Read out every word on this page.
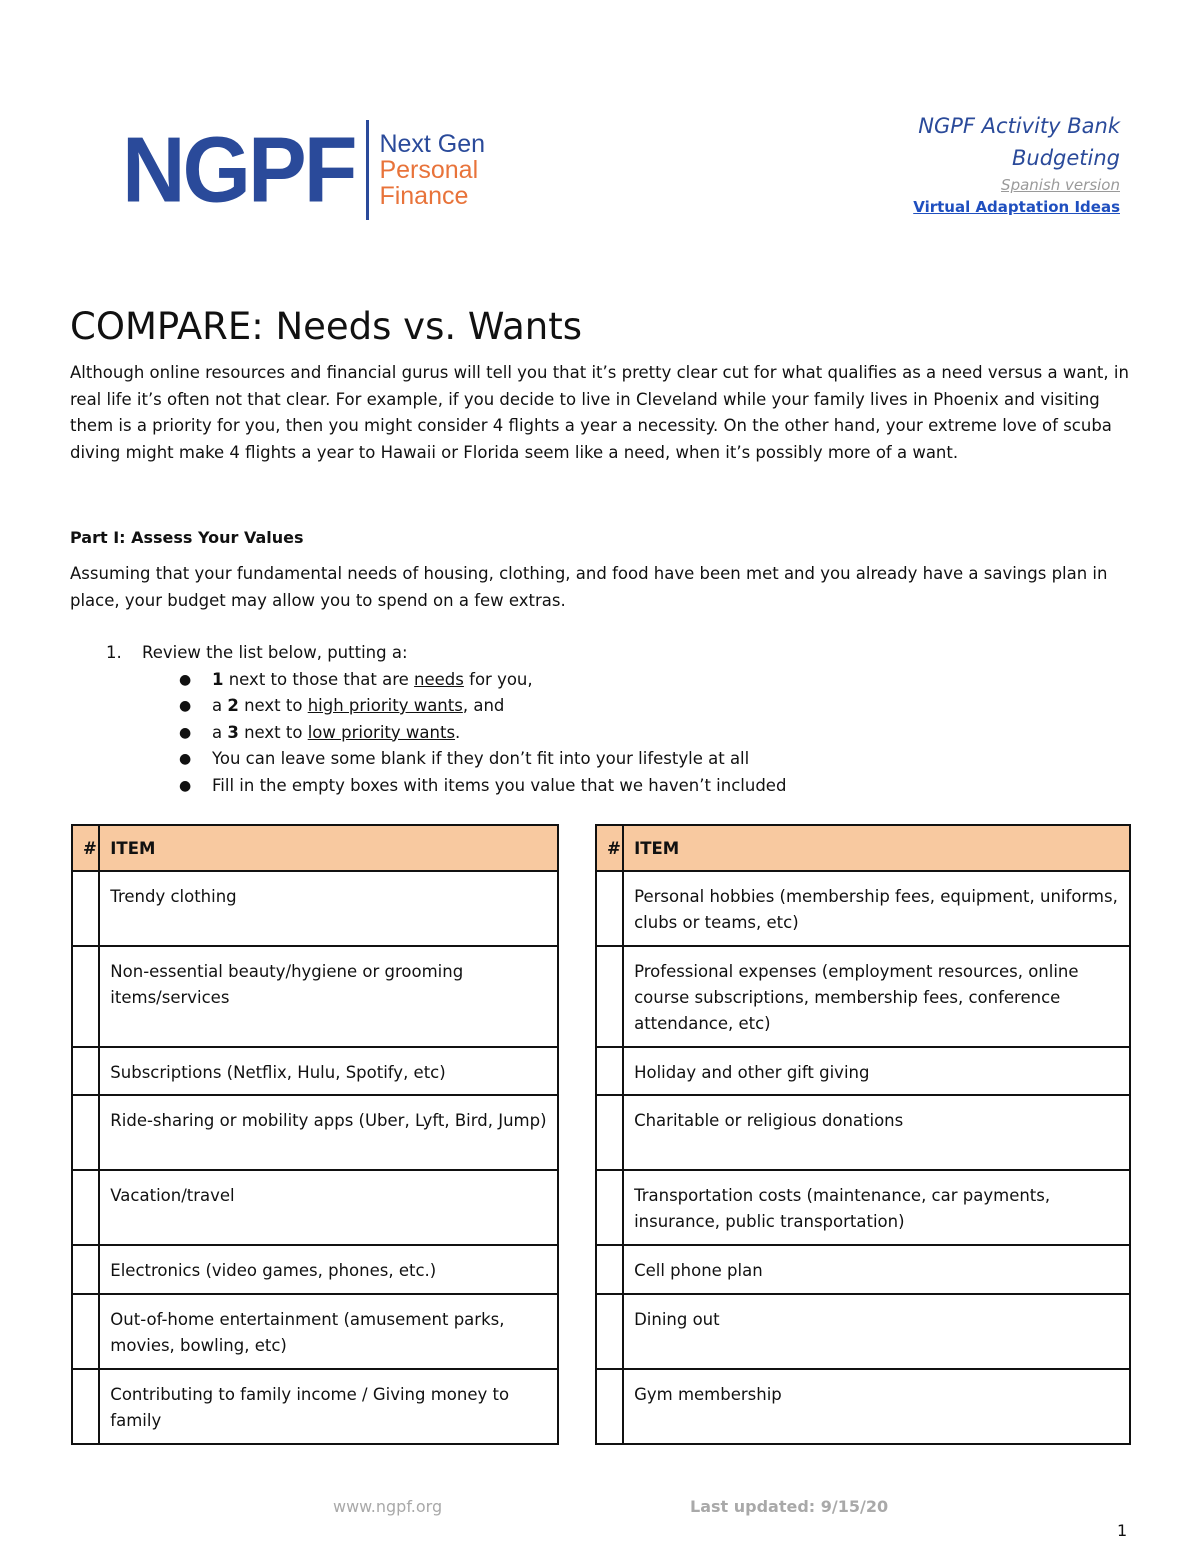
NGPF Next Gen
Personal
Finance
NGPF Activity Bank
Budgeting
Spanish version
Virtual Adaptation Ideas
COMPARE: Needs vs. Wants

Although online resources and financial gurus will tell you that it’s pretty clear cut for what qualifies as a need versus a want, in real life it’s often not that clear. For example, if you decide to live in Cleveland while your family lives in Phoenix and visiting them is a priority for you, then you might consider 4 flights a year a necessity. On the other hand, your extreme love of scuba diving might make 4 flights a year to Hawaii or Florida seem like a need, when it’s possibly more of a want.

Part I: Assess Your Values

Assuming that your fundamental needs of housing, clothing, and food have been met and you already have a savings plan in place, your budget may allow you to spend on a few extras.

1. Review the list below, putting a:
● 1 next to those that are needs for you,
● a 2 next to high priority wants, and
● a 3 next to low priority wants.
● You can leave some blank if they don’t fit into your lifestyle at all
● Fill in the empty boxes with items you value that we haven’t included
#	ITEM
	Trendy clothing
	Non-essential beauty/hygiene or grooming items/services
	Subscriptions (Netflix, Hulu, Spotify, etc)
	Ride-sharing or mobility apps (Uber, Lyft, Bird, Jump)
	Vacation/travel
	Electronics (video games, phones, etc.)
	Out-of-home entertainment (amusement parks, movies, bowling, etc)
	Contributing to family income / Giving money to family
#	ITEM
	Personal hobbies (membership fees, equipment, uniforms, clubs or teams, etc)
	Professional expenses (employment resources, online course subscriptions, membership fees, conference attendance, etc)
	Holiday and other gift giving
	Charitable or religious donations
	Transportation costs (maintenance, car payments, insurance, public transportation)
	Cell phone plan
	Dining out
	Gym membership
www.ngpf.org	Last updated: 9/15/20
1
